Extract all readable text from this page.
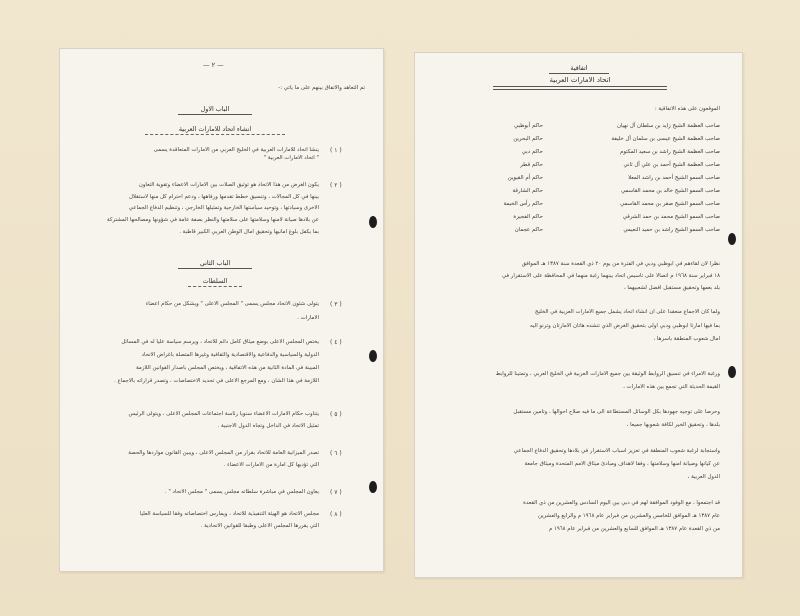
— ٢ —
تم التعاهد والاتفاق بينهم على ما يأتي :-
الباب الأول
انشاء اتحاد للامارات العربية
( ١ )
ينشأ اتحاد للامارات العربية في الخليج العربي من الامارات المتعاقدة يسمى
" اتحاد الامارات العربية "
( ٢ )
يكون الغرض من هذا الاتحاد هو توثيق الصلات بين الامارات الاعضاء وتقوية التعاون
بينها في كل المجالات ، وتنسيق خطط تقدمها ورفاهها ، ودعم احترام كل منها لاستقلال
الاخرى وسيادتها ، وتوحيد سياستها الخارجية وتمثيلها الخارجي ، وتنظيم الدفاع الجماعي
عن بلادها صيانة لامنها وسلامتها على سلامتها والنظر بصفة عامة في شؤونها ومصالحها المشتركة
بما يكفل بلوغ أمانيها وتحقيق آمال الوطن العربي الكبير قاطبة .
الباب الثاني
السلطات
( ٣ )
يتولى شئون الاتحاد مجلس يسمى " المجلس الاعلى " ويشكل من حكام اعضاء
الامارات .
( ٤ )
يختص المجلس الاعلى بوضع ميثاق كامل دائم للاتحاد ، ويرسم سياسة عليا له في المسائل
الدولية والسياسية والدفاعية والاقتصادية والثقافية وغيرها المتصلة بأغراض الاتحاد
المبينة في المادة الثانية من هذه الاتفاقية ، ويختص المجلس بأصدار القوانين اللازمة
اللازمة في هذا الشأن ، ومع المرجع الاعلى في تحديد الاختصاصات ، وتصدر قراراته بالاجماع .
( ٥ )
يتناوب حكام الامارات الاعضاء سنويا رئاسة اجتماعات المجلس الاعلى ، ويتولى الرئيس
تمثيل الاتحاد في الداخل وتجاه الدول الاجنبية .
( ٦ )
تصدر الميزانية العامة للاتحاد بقرار من المجلس الاعلى ، ويبين القانون مواردها والحصة
التي تؤديها كل امارة من الامارات الاعضاء .
( ٧ )
يعاون المجلس في مباشرة سلطاته مجلس يسمى " مجلس الاتحاد " .
( ٨ )
مجلس الاتحاد هو الهيئة التنفيذية للاتحاد ، ويمارس اختصاصاته وفقا للسياسة العليا
التي يقررها المجلس الاعلى وطبقا للقوانين الاتحادية .
اتفاقية
اتحاد الامارات العربية
الموقعون على هذه الاتفاقية :
صاحب العظمة الشيخ زايد بن سلطان آل نهيان
حاكم أبوظبي
صاحب العظمة الشيخ عيسى بن سلمان آل خليفة
حاكم البحرين
صاحب العظمة الشيخ راشد بن سعيد المكتوم
حاكم دبي
صاحب العظمة الشيخ أحمد بن علي آل ثاني
حاكم قطر
صاحب السمو الشيخ أحمد بن راشد المعلا
حاكم أم القيوين
صاحب السمو الشيخ خالد بن محمد القاسمي
حاكم الشارقة
صاحب السمو الشيخ صقر بن محمد القاسمي
حاكم رأس الخيمة
صاحب السمو الشيخ محمد بن حمد الشرقي
حاكم الفجيرة
صاحب السمو الشيخ راشد بن حميد النعيمي
حاكم عجمان
نظرا لان لقاءهم في أبوظبي ودبي في الفترة من يوم ٢٠ ذي القعدة سنة ١٣٨٧ هـ الموافق
١٨ فبراير سنة ١٩٦٨ م اتصالا على تأسيس اتحاد بينهما رغبة منهما في المحافظة على الاستقرار في
بلد بعمها وتحقيق مستقبل أفضل لشعبيهما ،
ولما كان الاجماع منعقدا على أن انشاء اتحاد يشمل جميع الامارات العربية في الخليج
بما فيها امارتا أبوظبي ودبي أولى بتحقيق الغرض الذي تنشده هاتان الامارتان وترنو اليه
آمال شعوب المنطقة بأسرها ،
ورغبة الامراء في تنسيق الروابط الوثيقة بين جميع الامارات العربية في الخليج العربي ، وتمتينا للروابط
القيمة الحديثة التي تجمع بين هذه الامارات ،
وحرصا على توجيه جهودها بكل الوسائل المستطاعة الى ما فيه صلاح أحوالها ، وتأمين مستقبل
بلدها ، وتحقيق الخير لكافة شعوبها جميعا ،
واستجابة لرغبة شعوب المنطقة في تعزيز أسباب الاستقرار في بلادها وتحقيق الدفاع الجماعي
عن كيانها وصيانة أمنها وسلامتها ، وفقا لاهداف ومبادئ ميثاق الامم المتحدة وميثاق جامعة
الدول العربية ،
قد اجتمعوا ، مع الوفود الموافقة لهم في دبي بين اليوم السادس والعشرين من ذي القعدة
عام ١٣٨٧ هـ الموافق للخامس والعشرين من فبراير عام ١٩٦٨ م والرابع والعشرين
من ذي القعدة عام ١٣٨٧ هـ الموافق للسابع والعشرين من فبراير عام ١٩٦٨ م
